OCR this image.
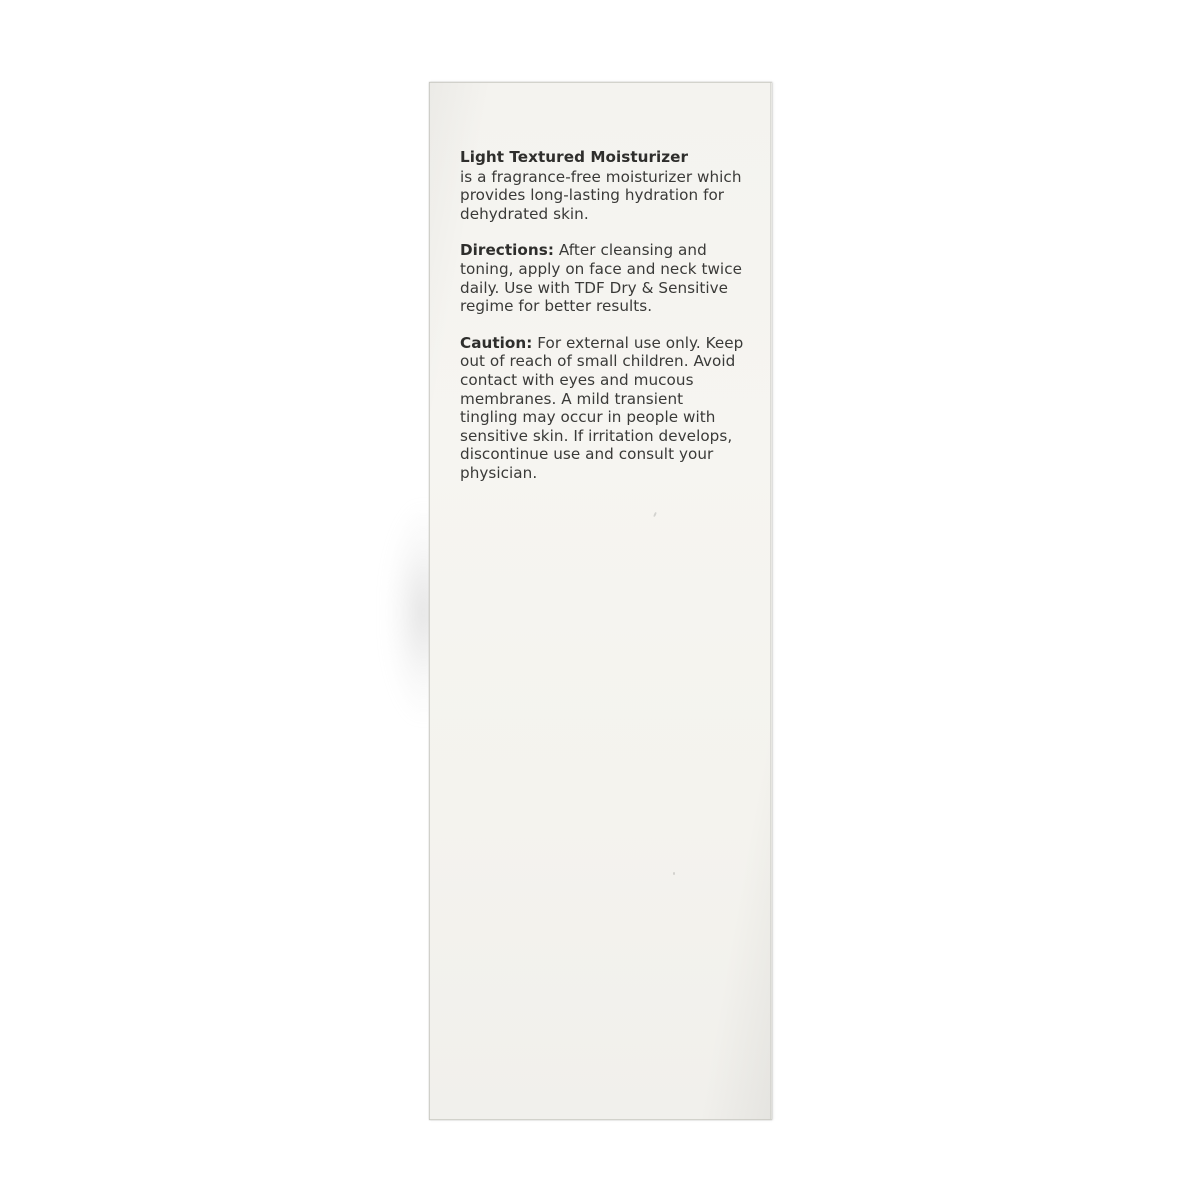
Light Textured Moisturizer
is a fragrance-free moisturizer which provides long-lasting hydration for dehydrated skin.

Directions: After cleansing and toning, apply on face and neck twice daily. Use with TDF Dry & Sensitive regime for better results.

Caution: For external use only. Keep out of reach of small children. Avoid contact with eyes and mucous membranes. A mild transient tingling may occur in people with sensitive skin. If irritation develops, discontinue use and consult your physician.
